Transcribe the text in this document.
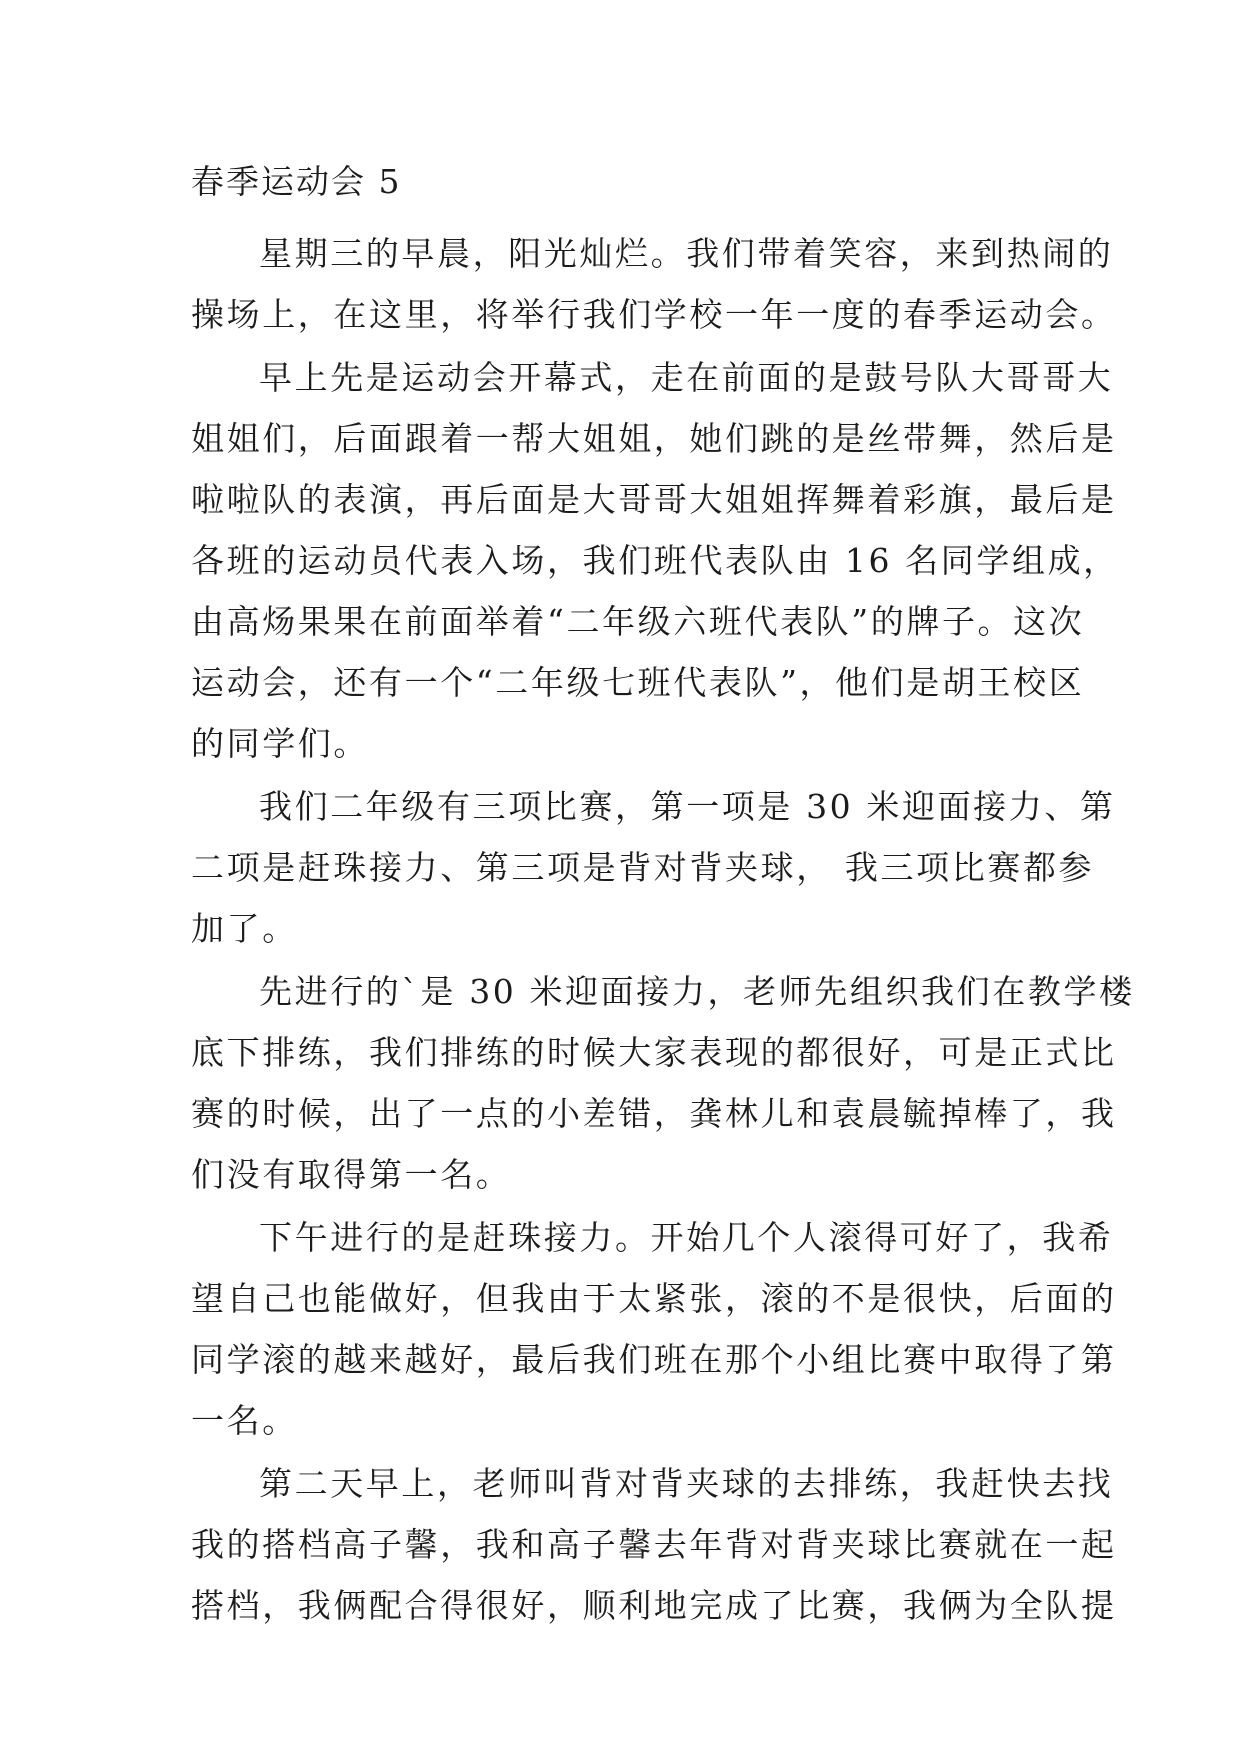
春季运动会 5
星期三的早晨，阳光灿烂。我们带着笑容，来到热闹的
操场上，在这里，将举行我们学校一年一度的春季运动会。
早上先是运动会开幕式，走在前面的是鼓号队大哥哥大
姐姐们，后面跟着一帮大姐姐，她们跳的是丝带舞，然后是
啦啦队的表演，再后面是大哥哥大姐姐挥舞着彩旗，最后是
各班的运动员代表入场，我们班代表队由 16 名同学组成，
由高炀果果在前面举着“二年级六班代表队”的牌子。这次
运动会，还有一个“二年级七班代表队”，他们是胡王校区
的同学们。
我们二年级有三项比赛，第一项是 30 米迎面接力、第
二项是赶珠接力、第三项是背对背夹球， 我三项比赛都参
加了。
先进行的`是 30 米迎面接力，老师先组织我们在教学楼
底下排练，我们排练的时候大家表现的都很好，可是正式比
赛的时候，出了一点的小差错，龚林儿和袁晨毓掉棒了，我
们没有取得第一名。
下午进行的是赶珠接力。开始几个人滚得可好了，我希
望自己也能做好，但我由于太紧张，滚的不是很快，后面的
同学滚的越来越好，最后我们班在那个小组比赛中取得了第
一名。
第二天早上，老师叫背对背夹球的去排练，我赶快去找
我的搭档高子馨，我和高子馨去年背对背夹球比赛就在一起
搭档，我俩配合得很好，顺利地完成了比赛，我俩为全队提
